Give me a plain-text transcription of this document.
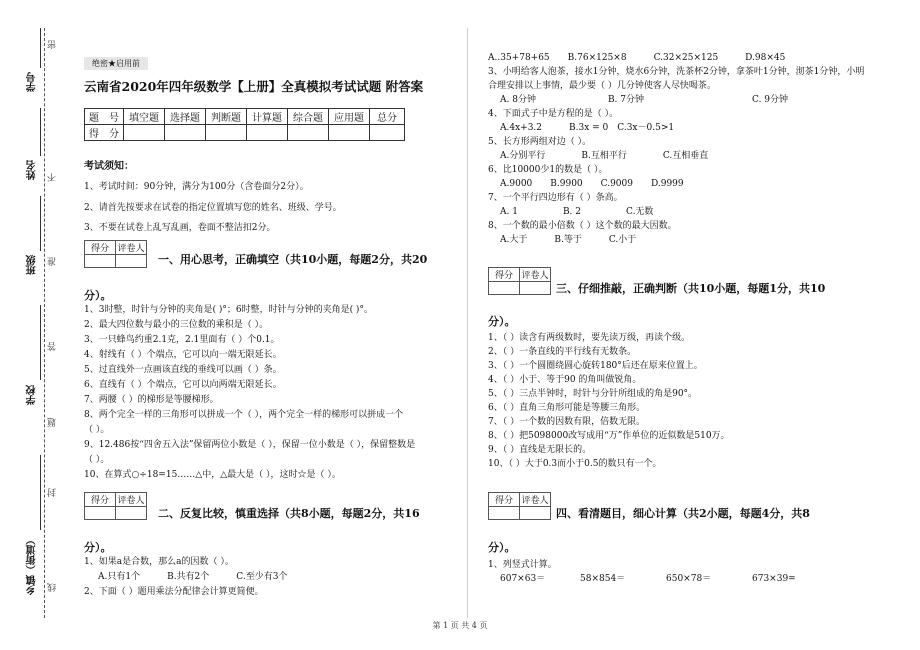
学号
姓名
班级
学校
乡镇（街道）
密
不
准
答
题
封
线
绝密★启用前
云南省2020年四年级数学【上册】全真模拟考试试题 附答案
题　号	填空题	选择题	判断题	计算题	综合题	应用题	总分
得　分							
考试须知：
1、考试时间：90分钟，满分为100分（含卷面分2分）。
2、请首先按要求在试卷的指定位置填写您的姓名、班级、学号。
3、不要在试卷上乱写乱画，卷面不整洁扣2分。
得分	评卷人

一、用心思考，正确填空（共10小题，每题2分，共20
分）。
1、3时整，时针与分钟的夹角是( )°；6时整，时针与分钟的夹角是( )°。
2、最大四位数与最小的三位数的乘积是（ ）。
3、一只蜂鸟约重2.1克，2.1里面有（ ）个0.1。
4、射线有（ ）个端点，它可以向一端无限延长。
5、过直线外一点画该直线的垂线可以画（ ）条。
6、直线有（ ）个端点，它可以向两端无限延长。
7、两腰（ ）的梯形是等腰梯形。
8、两个完全一样的三角形可以拼成一个（ ），两个完全一样的梯形可以拼成一个
（ ）。
9、12.486按“四舍五入法”保留两位小数是（ ），保留一位小数是（ ），保留整数是
（ ）。
10、在算式○÷18=15……△中，△最大是（ ），这时☆是（ ）。
得分	评卷人

二、反复比较，慎重选择（共8小题，每题2分，共16
分）。
1、如果a是合数，那么a的因数（ ）。
A.只有1个　　　B.共有2个　　　C.至少有3个
2、下面（ ）题用乘法分配律会计算更简便。
A..35+78+65　　B.76×125×8　　　C.32×25×125　　　D.98×45
3、小明给客人泡茶，接水1分钟，烧水6分钟，洗茶杯2分钟，拿茶叶1分钟，沏茶1分钟，小明
合理安排以上事情，最少要（ ）几分钟使客人尽快喝茶。
A. 8分钟　　　　　　　　B. 7分钟　　　　　　　　　　　　C. 9分钟
4、下面式子中是方程的是（ ）。
A.4x+3.2　　　B.3x = 0　C.3x－0.5>1
5、长方形两组对边（ ）。
A.分别平行　　　　B.互相平行　　　　C.互相垂直
6、比10000少1的数是（ ）。
A.9000　　B.9900　　C.9009　　D.9999
7、一个平行四边形有（ ）条高。
A. 1　　　　　B. 2　　　　　C.无数
8、一个数的最小倍数（ ）这个数的最大因数。
A.大于　　　B.等于　　　C.小于
得分	评卷人

三、仔细推敲，正确判断（共10小题，每题1分，共10
分）。
1、（ ）读含有两级数时，要先读万级，再读个级。
2、（ ）一条直线的平行线有无数条。
3、（ ）一个圆圈绕圆心旋转180°后还在原来位置上。
4、（ ）小于、等于90 的角叫做锐角。
5、（ ）三点半钟时，时针与分针所组成的角是90°。
6、（ ）直角三角形可能是等腰三角形。
7、（ ）一个数的因数有限，倍数无限。
8、（ ）把5098000改写成用“万”作单位的近似数是510万。
9、（ ）直线是无限长的。
10、（ ）大于0.3而小于0.5的数只有一个。
得分	评卷人

四、看清题目，细心计算（共2小题，每题4分，共8
分）。
1、列竖式计算。
607×63＝	58×854＝	650×78＝	673×39=
第 1 页 共 4 页
